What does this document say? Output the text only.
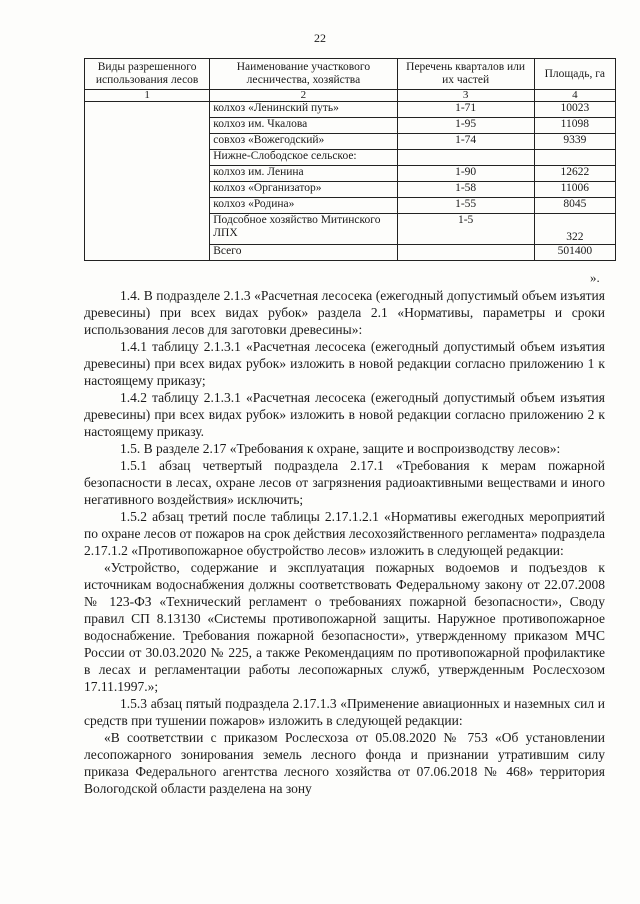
22
Виды разрешенного использования лесов	Наименование участкового лесничества, хозяйства	Перечень кварталов или их частей	Площадь, га
1	2	3	4
	колхоз «Ленинский путь»	1-71	10023
	колхоз им. Чкалова	1-95	11098
	совхоз «Вожегодский»	1-74	9339
	Нижне-Слободское сельское:		
	колхоз им. Ленина	1-90	12622
	колхоз «Организатор»	1-58	11006
	колхоз «Родина»	1-55	8045
	Подсобное хозяйство Митинского ЛПХ	1-5	322
	Всего		501400
».

1.4. В подразделе 2.1.3 «Расчетная лесосека (ежегодный допустимый объем изъятия древесины) при всех видах рубок» раздела 2.1 «Нормативы, параметры и сроки использования лесов для заготовки древесины»:

1.4.1 таблицу 2.1.3.1 «Расчетная лесосека (ежегодный допустимый объем изъятия древесины) при всех видах рубок» изложить в новой редакции согласно приложению 1 к настоящему приказу;

1.4.2 таблицу 2.1.3.1 «Расчетная лесосека (ежегодный допустимый объем изъятия древесины) при всех видах рубок» изложить в новой редакции согласно приложению 2 к настоящему приказу.

1.5. В разделе 2.17 «Требования к охране, защите и воспроизводству лесов»:

1.5.1 абзац четвертый подраздела 2.17.1 «Требования к мерам пожарной безопасности в лесах, охране лесов от загрязнения радиоактивными веществами и иного негативного воздействия» исключить;

1.5.2 абзац третий после таблицы 2.17.1.2.1 «Нормативы ежегодных мероприятий по охране лесов от пожаров на срок действия лесохозяйственного регламента» подраздела 2.17.1.2 «Противопожарное обустройство лесов» изложить в следующей редакции:

«Устройство, содержание и эксплуатация пожарных водоемов и подъездов к источникам водоснабжения должны соответствовать Федеральному закону от 22.07.2008 № 123-ФЗ «Технический регламент о требованиях пожарной безопасности», Своду правил СП 8.13130 «Системы противопожарной защиты. Наружное противопожарное водоснабжение. Требования пожарной безопасности», утвержденному приказом МЧС России от 30.03.2020 № 225, а также Рекомендациям по противопожарной профилактике в лесах и регламентации работы лесопожарных служб, утвержденным Рослесхозом 17.11.1997.»;

1.5.3 абзац пятый подраздела 2.17.1.3 «Применение авиационных и наземных сил и средств при тушении пожаров» изложить в следующей редакции:

«В соответствии с приказом Рослесхоза от 05.08.2020 № 753 «Об установлении лесопожарного зонирования земель лесного фонда и признании утратившим силу приказа Федерального агентства лесного хозяйства от 07.06.2018 № 468» территория Вологодской области разделена на зону
